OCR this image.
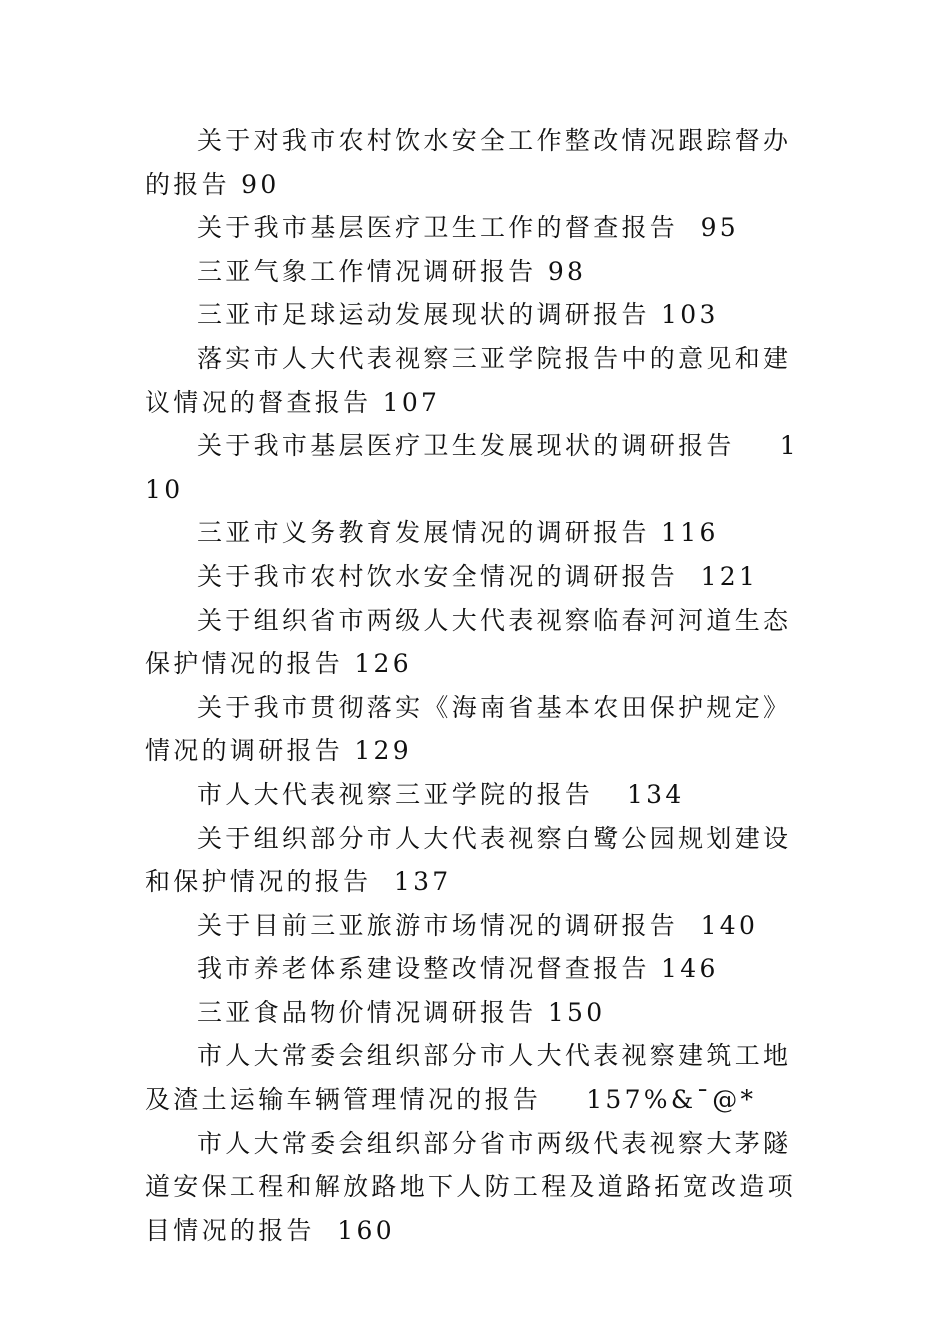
关于对我市农村饮水安全工作整改情况跟踪督办的报告 90

关于我市基层医疗卫生工作的督查报告  95

三亚气象工作情况调研报告 98

三亚市足球运动发展现状的调研报告 103

落实市人大代表视察三亚学院报告中的意见和建议情况的督查报告 107

关于我市基层医疗卫生发展现状的调研报告    110

三亚市义务教育发展情况的调研报告 116

关于我市农村饮水安全情况的调研报告  121

关于组织省市两级人大代表视察临春河河道生态保护情况的报告 126

关于我市贯彻落实《海南省基本农田保护规定》情况的调研报告 129

市人大代表视察三亚学院的报告   134

关于组织部分市人大代表视察白鹭公园规划建设和保护情况的报告  137

关于目前三亚旅游市场情况的调研报告  140

我市养老体系建设整改情况督查报告 146

三亚食品物价情况调研报告 150

市人大常委会组织部分市人大代表视察建筑工地及渣土运输车辆管理情况的报告    157%&¯@*

市人大常委会组织部分省市两级代表视察大茅隧道安保工程和解放路地下人防工程及道路拓宽改造项目情况的报告  160
